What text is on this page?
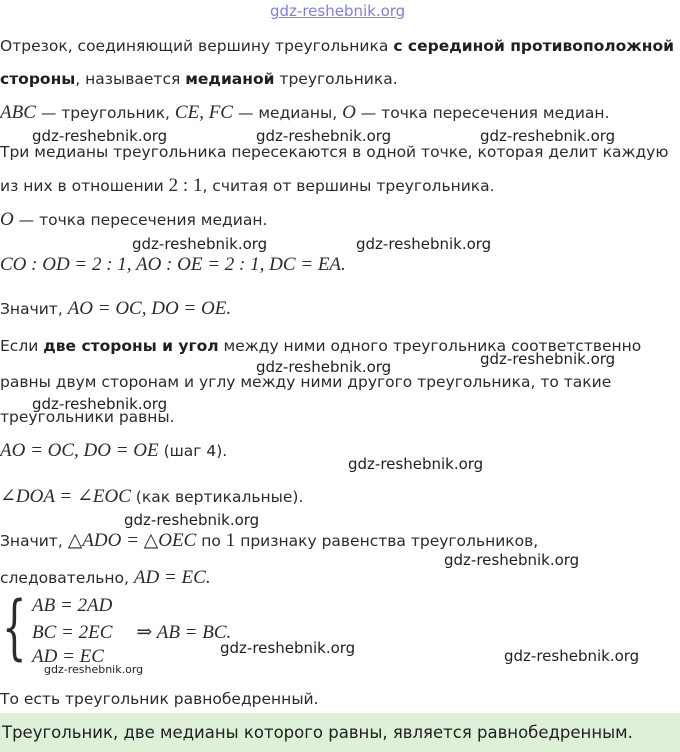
gdz-reshebnik.org
Отрезок, соединяющий вершину треугольника с серединой противоположной
стороны, называется медианой треугольника.
ABC — треугольник, CE, FC — медианы, O — точка пересечения медиан.
gdz-reshebnik.org	gdz-reshebnik.org	gdz-reshebnik.org
Три медианы треугольника пересекаются в одной точке, которая делит каждую
из них в отношении 2 : 1, считая от вершины треугольника.
O — точка пересечения медиан.
gdz-reshebnik.org	gdz-reshebnik.org
CO : OD = 2 : 1, AO : OE = 2 : 1, DC = EA.
Значит, AO = OC, DO = OE.
Если две стороны и угол между ними одного треугольника соответственно
gdz-reshebnik.org	gdz-reshebnik.org
равны двум сторонам и углу между ними другого треугольника, то такие
gdz-reshebnik.org
треугольники равны.
AO = OC, DO = OE (шаг 4).
gdz-reshebnik.org
∠DOA = ∠EOC (как вертикальные).
gdz-reshebnik.org
Значит, △ADO = △OEC по 1 признаку равенства треугольников,
gdz-reshebnik.org
следовательно, AD = EC.
{ AB = 2AD
BC = 2EC ⇒ AB = BC.
AD = EC	gdz-reshebnik.org
gdz-reshebnik.org
gdz-reshebnik.org
То есть треугольник равнобедренный.
Треугольник, две медианы которого равны, является равнобедренным.
